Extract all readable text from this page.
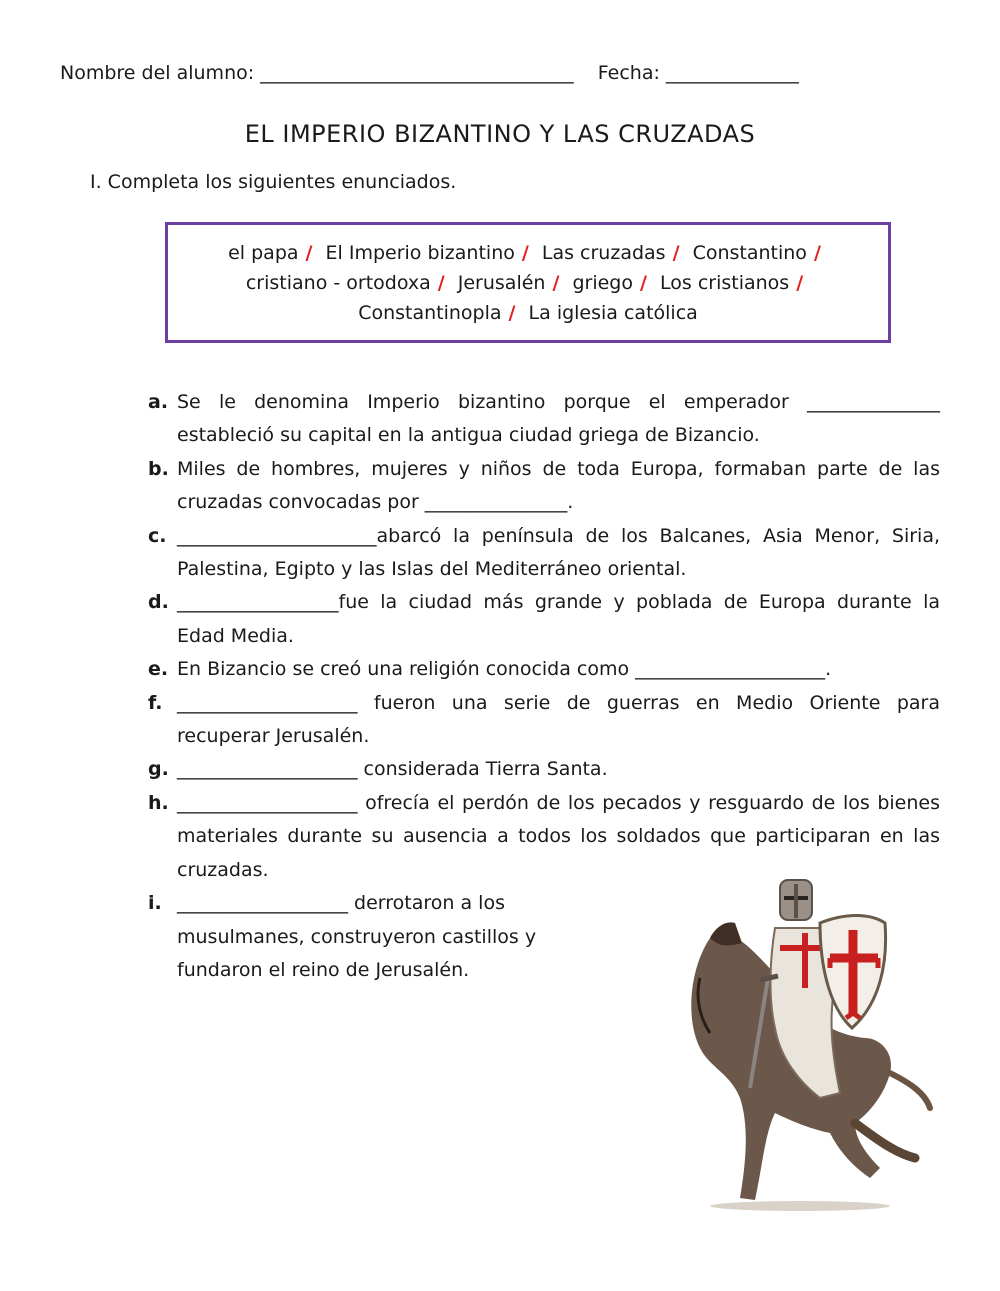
Nombre del alumno: _________________________________ Fecha: ______________
EL IMPERIO BIZANTINO Y LAS CRUZADAS
I. Completa los siguientes enunciados.
el papa / El Imperio bizantino / Las cruzadas / Constantino / cristiano - ortodoxa / Jerusalén / griego / Los cristianos / Constantinopla / La iglesia católica
a. Se le denomina Imperio bizantino porque el emperador ______________ estableció su capital en la antigua ciudad griega de Bizancio.
b. Miles de hombres, mujeres y niños de toda Europa, formaban parte de las cruzadas convocadas por _______________.
c. _____________________abarcó la península de los Balcanes, Asia Menor, Siria, Palestina, Egipto y las Islas del Mediterráneo oriental.
d. _________________fue la ciudad más grande y poblada de Europa durante la Edad Media.
e. En Bizancio se creó una religión conocida como ____________________.
f. ___________________ fueron una serie de guerras en Medio Oriente para recuperar Jerusalén.
g. ___________________ considerada Tierra Santa.
h. ___________________ ofrecía el perdón de los pecados y resguardo de los bienes materiales durante su ausencia a todos los soldados que participaran en las cruzadas.
i. __________________ derrotaron a los musulmanes, construyeron castillos y fundaron el reino de Jerusalén.
